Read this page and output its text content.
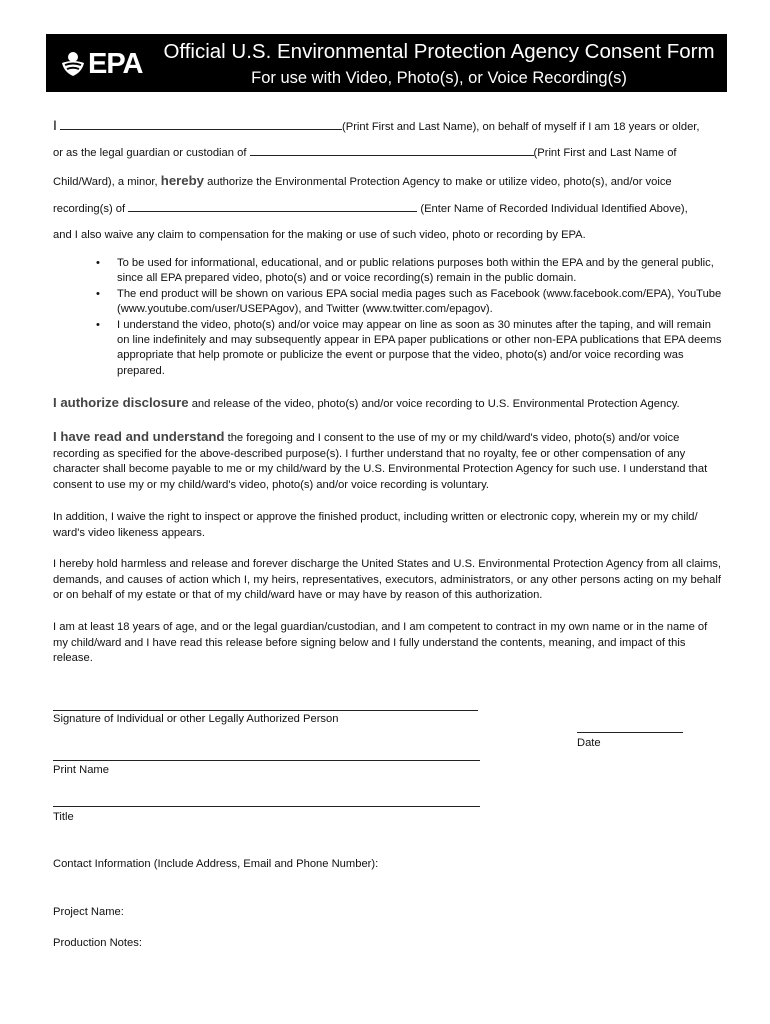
EPA	Official U.S. Environmental Protection Agency Consent Form
For use with Video, Photo(s), or Voice Recording(s)
I	(Print First and Last Name), on behalf of myself if I am 18 years or older,
or as the legal guardian or custodian of	(Print First and Last Name of
Child/Ward), a minor, hereby authorize the Environmental Protection Agency to make or utilize video, photo(s), and/or voice
recording(s) of	(Enter Name of Recorded Individual Identified Above),
and I also waive any claim to compensation for the making or use of such video, photo or recording by EPA.
• To be used for informational, educational, and or public relations purposes both within the EPA and by the general public, since all EPA prepared video, photo(s) and or voice recording(s) remain in the public domain.
• The end product will be shown on various EPA social media pages such as Facebook (www.facebook.com/EPA), YouTube (www.youtube.com/user/USEPAgov), and Twitter (www.twitter.com/epagov).
• I understand the video, photo(s) and/or voice may appear on line as soon as 30 minutes after the taping, and will remain on line indefinitely and may subsequently appear in EPA paper publications or other non-EPA publications that EPA deems appropriate that help promote or publicize the event or purpose that the video, photo(s) and/or voice recording was prepared.
I authorize disclosure and release of the video, photo(s) and/or voice recording to U.S. Environmental Protection Agency.
I have read and understand the foregoing and I consent to the use of my or my child/ward's video, photo(s) and/or voice recording as specified for the above-described purpose(s). I further understand that no royalty, fee or other compensation of any character shall become payable to me or my child/ward by the U.S. Environmental Protection Agency for such use. I understand that consent to use my or my child/ward's video, photo(s) and/or voice recording is voluntary.
In addition, I waive the right to inspect or approve the finished product, including written or electronic copy, wherein my or my child/ ward's video likeness appears.
I hereby hold harmless and release and forever discharge the United States and U.S. Environmental Protection Agency from all claims, demands, and causes of action which I, my heirs, representatives, executors, administrators, or any other persons acting on my behalf or on behalf of my estate or that of my child/ward have or may have by reason of this authorization.
I am at least 18 years of age, and or the legal guardian/custodian, and I am competent to contract in my own name or in the name of my child/ward and I have read this release before signing below and I fully understand the contents, meaning, and impact of this release.
Signature of Individual or other Legally Authorized Person
Date
Print Name
Title
Contact Information (Include Address, Email and Phone Number):
Project Name:
Production Notes:
